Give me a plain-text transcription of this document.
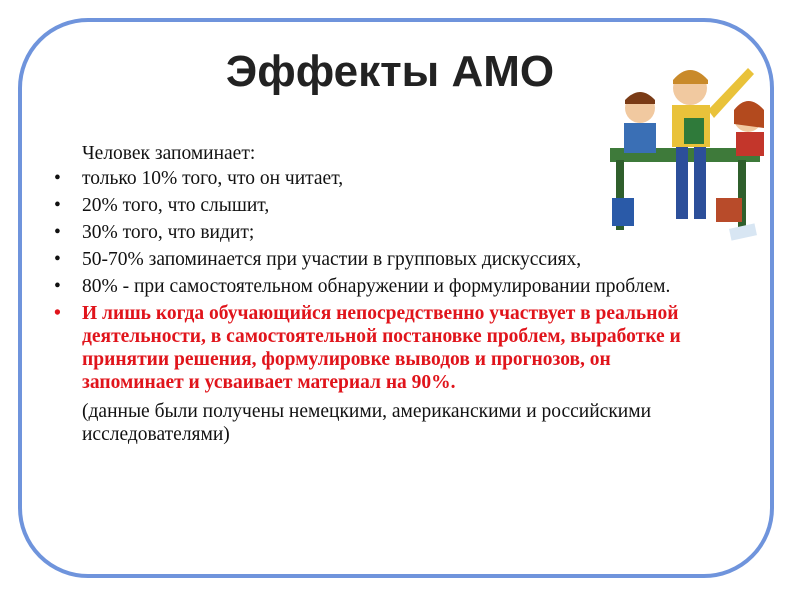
Эффекты АМО

Человек запоминает:

•	только 10% того, что он читает,
•	20% того, что слышит,
•	30% того, что видит;
•	50-70% запоминается при участии в групповых дискуссиях,
•	80% - при самостоятельном обнаружении и формулировании проблем.
•	И лишь когда обучающийся непосредственно участвует в реальной деятельности, в самостоятельной постановке проблем, выработке и принятии решения, формулировке выводов и прогнозов, он запоминает и усваивает материал на 90%.

(данные были получены немецкими, американскими и российскими исследователями)
